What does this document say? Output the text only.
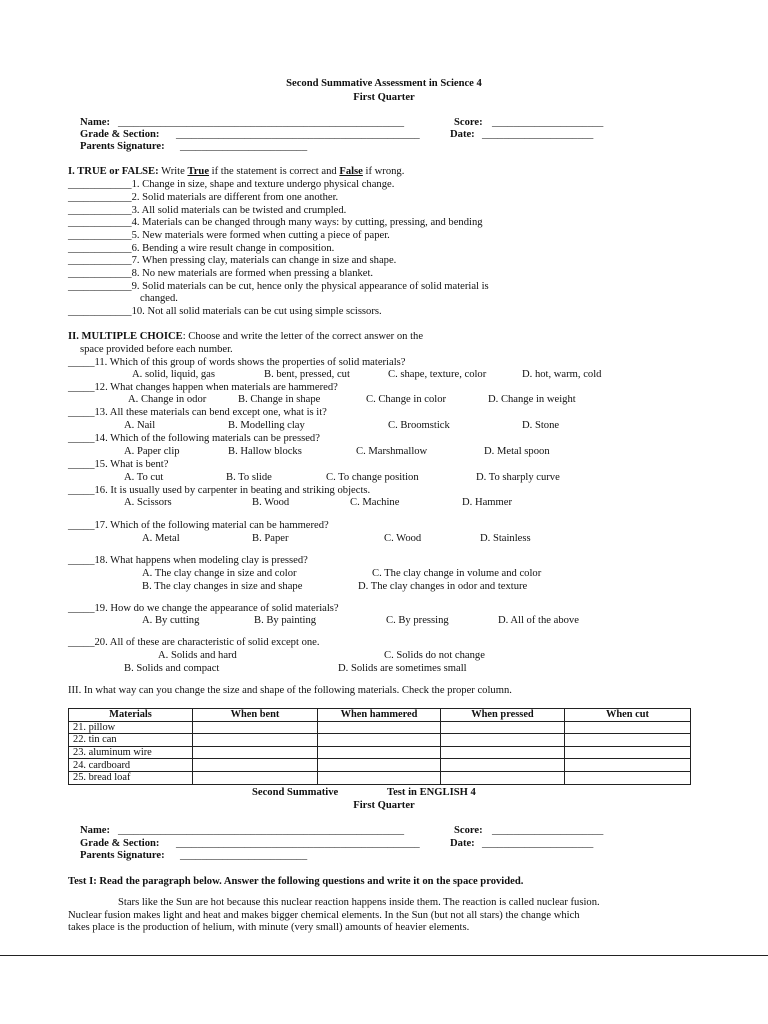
Second Summative Assessment in Science 4
First Quarter
Name: ______________________________________________________	Score: _____________________
Grade & Section: ______________________________________________	Date: _____________________
Parents Signature: ________________________
I. TRUE or FALSE: Write True if the statement is correct and False if wrong.
____________1. Change in size, shape and texture undergo physical change.
____________2. Solid materials are different from one another.
____________3. All solid materials can be twisted and crumpled.
____________4. Materials can be changed through many ways: by cutting, pressing, and bending
____________5. New materials were formed when cutting a piece of paper.
____________6. Bending a wire result change in composition.
____________7. When pressing clay, materials can change in size and shape.
____________8. No new materials are formed when pressing a blanket.
____________9. Solid materials can be cut, hence only the physical appearance of solid material is
changed.
____________10. Not all solid materials can be cut using simple scissors.
II. MULTIPLE CHOICE: Choose and write the letter of the correct answer on the
space provided before each number.
_____11. Which of this group of words shows the properties of solid materials?
A. solid, liquid, gas	B. bent, pressed, cut	C. shape, texture, color	D. hot, warm, cold
_____12. What changes happen when materials are hammered?
A. Change in odor	B. Change in shape	C. Change in color	D. Change in weight
_____13. All these materials can bend except one, what is it?
A. Nail	B. Modelling clay	C. Broomstick	D. Stone
_____14. Which of the following materials can be pressed?
A. Paper clip	B. Hallow blocks	C. Marshmallow	D. Metal spoon
_____15. What is bent?
A. To cut	B. To slide	C. To change position	D. To sharply curve
_____16. It is usually used by carpenter in beating and striking objects.
A. Scissors	B. Wood	C. Machine	D. Hammer
_____17. Which of the following material can be hammered?
A. Metal	B. Paper	C. Wood	D. Stainless
_____18. What happens when modeling clay is pressed?
A. The clay change in size and color	C. The clay change in volume and color
B. The clay changes in size and shape	D. The clay changes in odor and texture
_____19. How do we change the appearance of solid materials?
A. By cutting	B. By painting	C. By pressing	D. All of the above
_____20. All of these are characteristic of solid except one.
A. Solids and hard	C. Solids do not change
B. Solids and compact	D. Solids are sometimes small
III. In what way can you change the size and shape of the following materials. Check the proper column.
Materials	When bent	When hammered	When pressed	When cut
21. pillow				
22. tin can				
23. aluminum wire				
24. cardboard				
25. bread loaf				
Second Summative	Test in ENGLISH 4
First Quarter
Name: ______________________________________________________	Score: _____________________
Grade & Section: ______________________________________________	Date: _____________________
Parents Signature: ________________________
Test I: Read the paragraph below. Answer the following questions and write it on the space provided.
Stars like the Sun are hot because this nuclear reaction happens inside them. The reaction is called nuclear fusion.
Nuclear fusion makes light and heat and makes bigger chemical elements. In the Sun (but not all stars) the change which
takes place is the production of helium, with minute (very small) amounts of heavier elements.
